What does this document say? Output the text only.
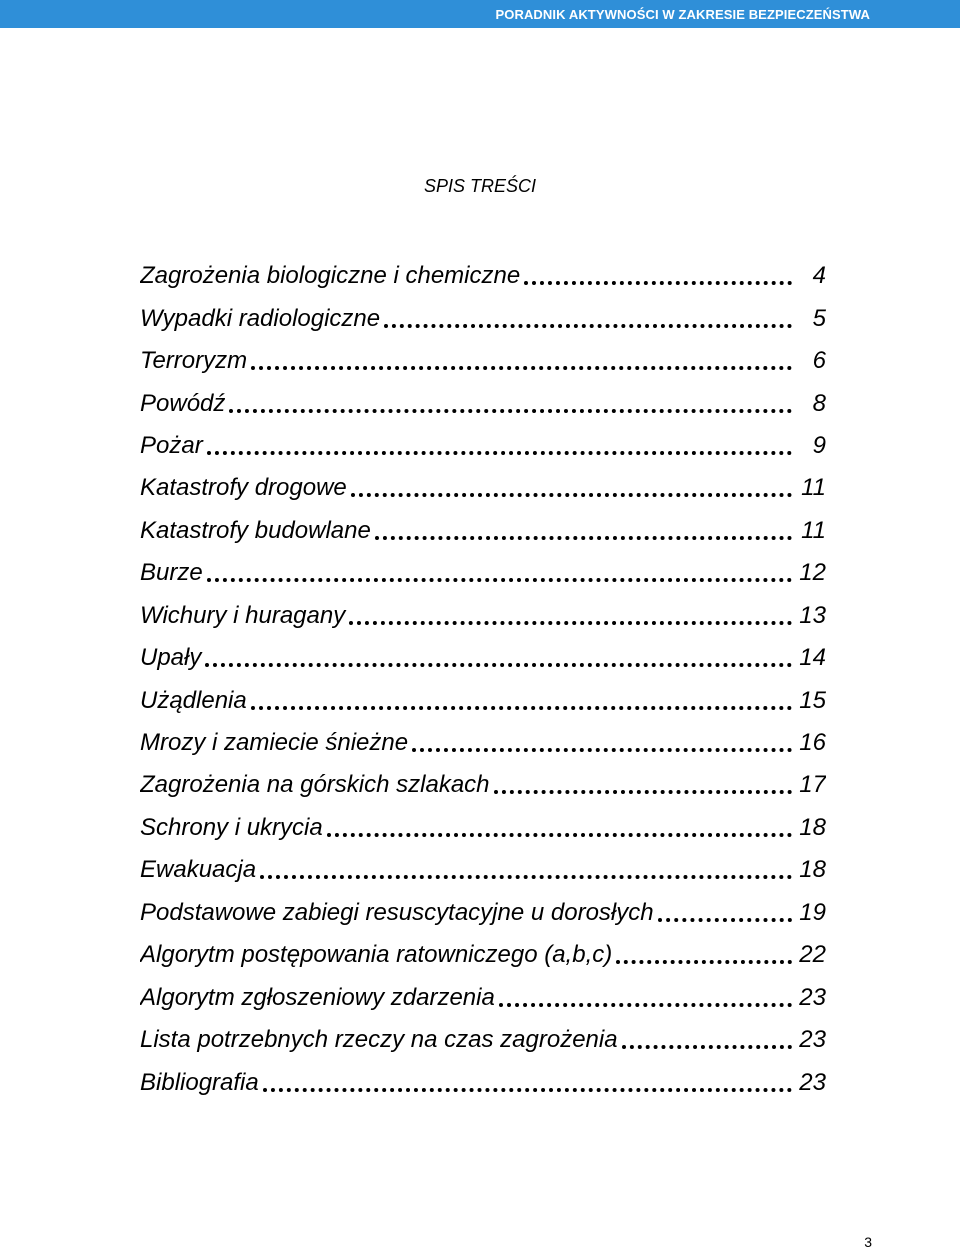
PORADNIK AKTYWNOŚCI W ZAKRESIE BEZPIECZEŃSTWA
SPIS TREŚCI
Zagrożenia biologiczne i chemiczne	4
Wypadki radiologiczne	5
Terroryzm	6
Powódź	8
Pożar	9
Katastrofy drogowe	11
Katastrofy budowlane	11
Burze	12
Wichury i huragany	13
Upały	14
Użądlenia	15
Mrozy i zamiecie śnieżne	16
Zagrożenia na górskich szlakach	17
Schrony i ukrycia	18
Ewakuacja	18
Podstawowe zabiegi resuscytacyjne u dorosłych	19
Algorytm postępowania ratowniczego (a,b,c)	22
Algorytm zgłoszeniowy zdarzenia	23
Lista potrzebnych rzeczy na czas zagrożenia	23
Bibliografia	23
3
